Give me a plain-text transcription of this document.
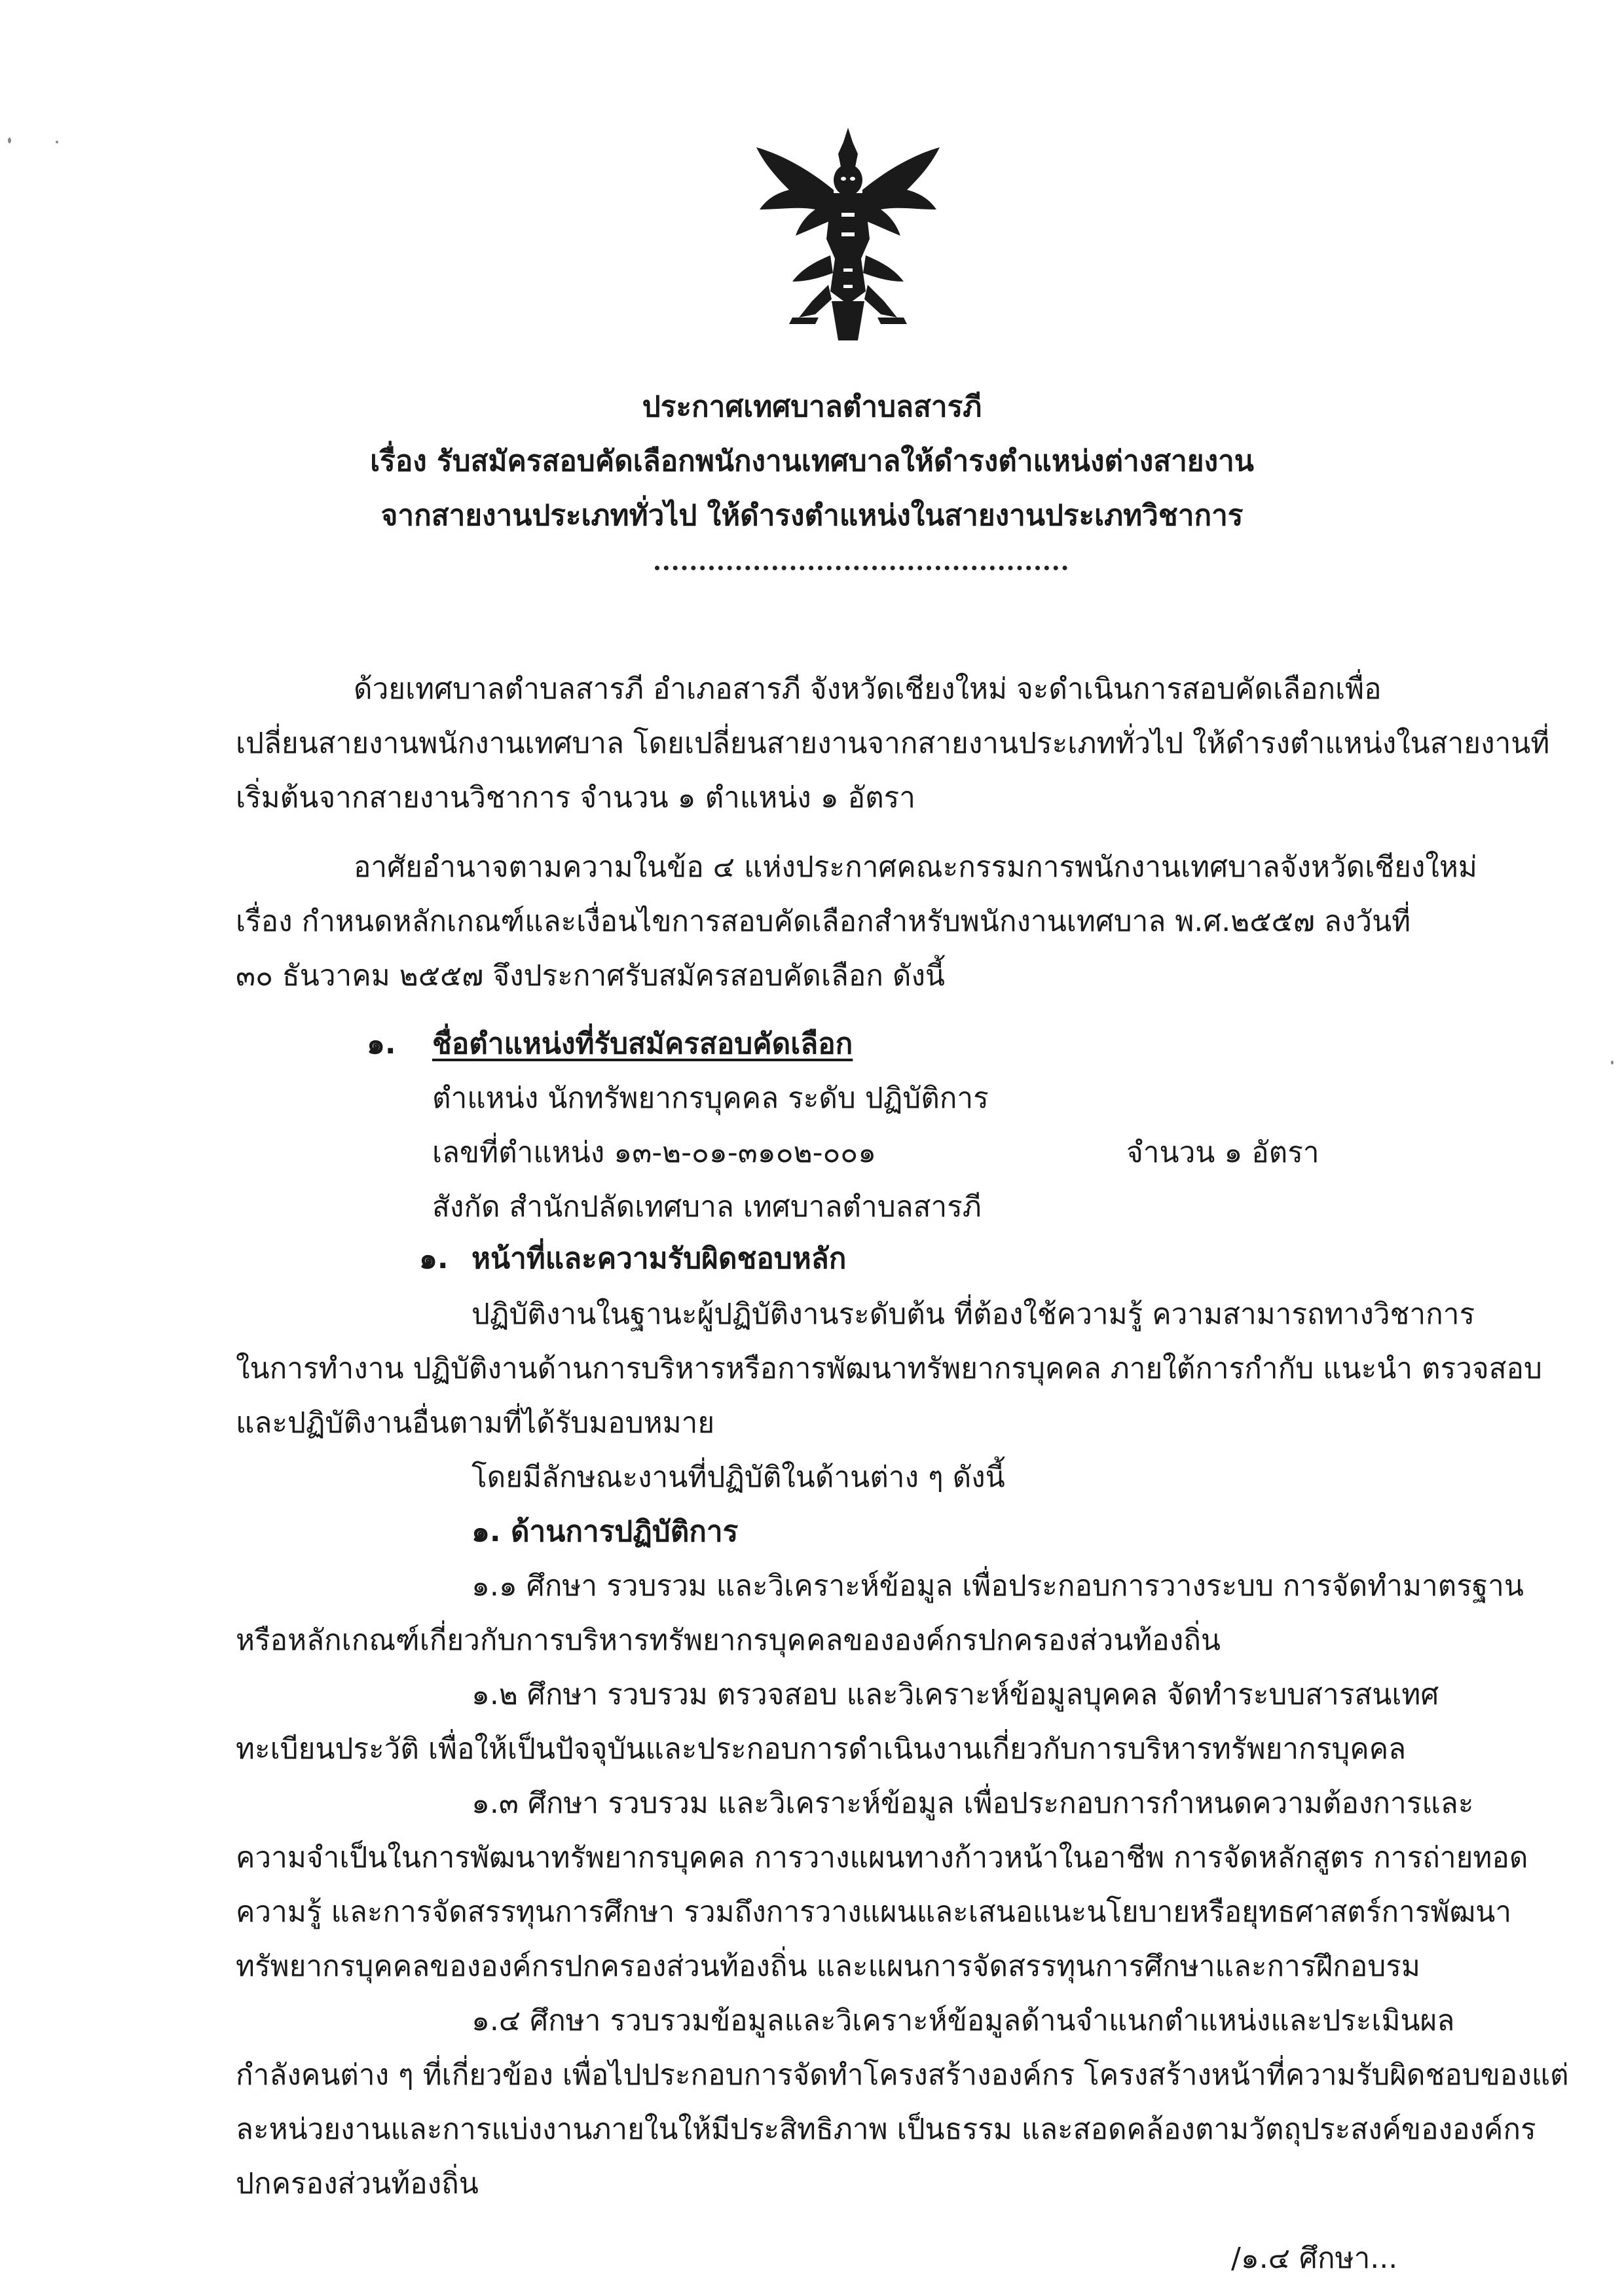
ประกาศเทศบาลตำบลสารภี
เรื่อง รับสมัครสอบคัดเลือกพนักงานเทศบาลให้ดำรงตำแหน่งต่างสายงาน
จากสายงานประเภททั่วไป ให้ดำรงตำแหน่งในสายงานประเภทวิชาการ
ด้วยเทศบาลตำบลสารภี อำเภอสารภี จังหวัดเชียงใหม่ จะดำเนินการสอบคัดเลือกเพื่อ
เปลี่ยนสายงานพนักงานเทศบาล โดยเปลี่ยนสายงานจากสายงานประเภททั่วไป ให้ดำรงตำแหน่งในสายงานที่
เริ่มต้นจากสายงานวิชาการ จำนวน ๑ ตำแหน่ง ๑ อัตรา
อาศัยอำนาจตามความในข้อ ๔ แห่งประกาศคณะกรรมการพนักงานเทศบาลจังหวัดเชียงใหม่
เรื่อง กำหนดหลักเกณฑ์และเงื่อนไขการสอบคัดเลือกสำหรับพนักงานเทศบาล พ.ศ.๒๕๕๗ ลงวันที่
๓๐ ธันวาคม ๒๕๕๗ จึงประกาศรับสมัครสอบคัดเลือก ดังนี้
๑. ชื่อตำแหน่งที่รับสมัครสอบคัดเลือก
ตำแหน่ง นักทรัพยากรบุคคล ระดับ ปฏิบัติการ
เลขที่ตำแหน่ง ๑๓-๒-๐๑-๓๑๐๒-๐๐๑	จำนวน ๑ อัตรา
สังกัด สำนักปลัดเทศบาล เทศบาลตำบลสารภี
๑. หน้าที่และความรับผิดชอบหลัก
ปฏิบัติงานในฐานะผู้ปฏิบัติงานระดับต้น ที่ต้องใช้ความรู้ ความสามารถทางวิชาการ
ในการทำงาน ปฏิบัติงานด้านการบริหารหรือการพัฒนาทรัพยากรบุคคล ภายใต้การกำกับ แนะนำ ตรวจสอบ
และปฏิบัติงานอื่นตามที่ได้รับมอบหมาย
โดยมีลักษณะงานที่ปฏิบัติในด้านต่าง ๆ ดังนี้
๑. ด้านการปฏิบัติการ
๑.๑ ศึกษา รวบรวม และวิเคราะห์ข้อมูล เพื่อประกอบการวางระบบ การจัดทำมาตรฐาน
หรือหลักเกณฑ์เกี่ยวกับการบริหารทรัพยากรบุคคลขององค์กรปกครองส่วนท้องถิ่น
๑.๒ ศึกษา รวบรวม ตรวจสอบ และวิเคราะห์ข้อมูลบุคคล จัดทำระบบสารสนเทศ
ทะเบียนประวัติ เพื่อให้เป็นปัจจุบันและประกอบการดำเนินงานเกี่ยวกับการบริหารทรัพยากรบุคคล
๑.๓ ศึกษา รวบรวม และวิเคราะห์ข้อมูล เพื่อประกอบการกำหนดความต้องการและ
ความจำเป็นในการพัฒนาทรัพยากรบุคคล การวางแผนทางก้าวหน้าในอาชีพ การจัดหลักสูตร การถ่ายทอด
ความรู้ และการจัดสรรทุนการศึกษา รวมถึงการวางแผนและเสนอแนะนโยบายหรือยุทธศาสตร์การพัฒนา
ทรัพยากรบุคคลขององค์กรปกครองส่วนท้องถิ่น และแผนการจัดสรรทุนการศึกษาและการฝึกอบรม
๑.๔ ศึกษา รวบรวมข้อมูลและวิเคราะห์ข้อมูลด้านจำแนกตำแหน่งและประเมินผล
กำลังคนต่าง ๆ ที่เกี่ยวข้อง เพื่อไปประกอบการจัดทำโครงสร้างองค์กร โครงสร้างหน้าที่ความรับผิดชอบของแต่
ละหน่วยงานและการแบ่งงานภายในให้มีประสิทธิภาพ เป็นธรรม และสอดคล้องตามวัตถุประสงค์ขององค์กร
ปกครองส่วนท้องถิ่น
/๑.๔ ศึกษา...
